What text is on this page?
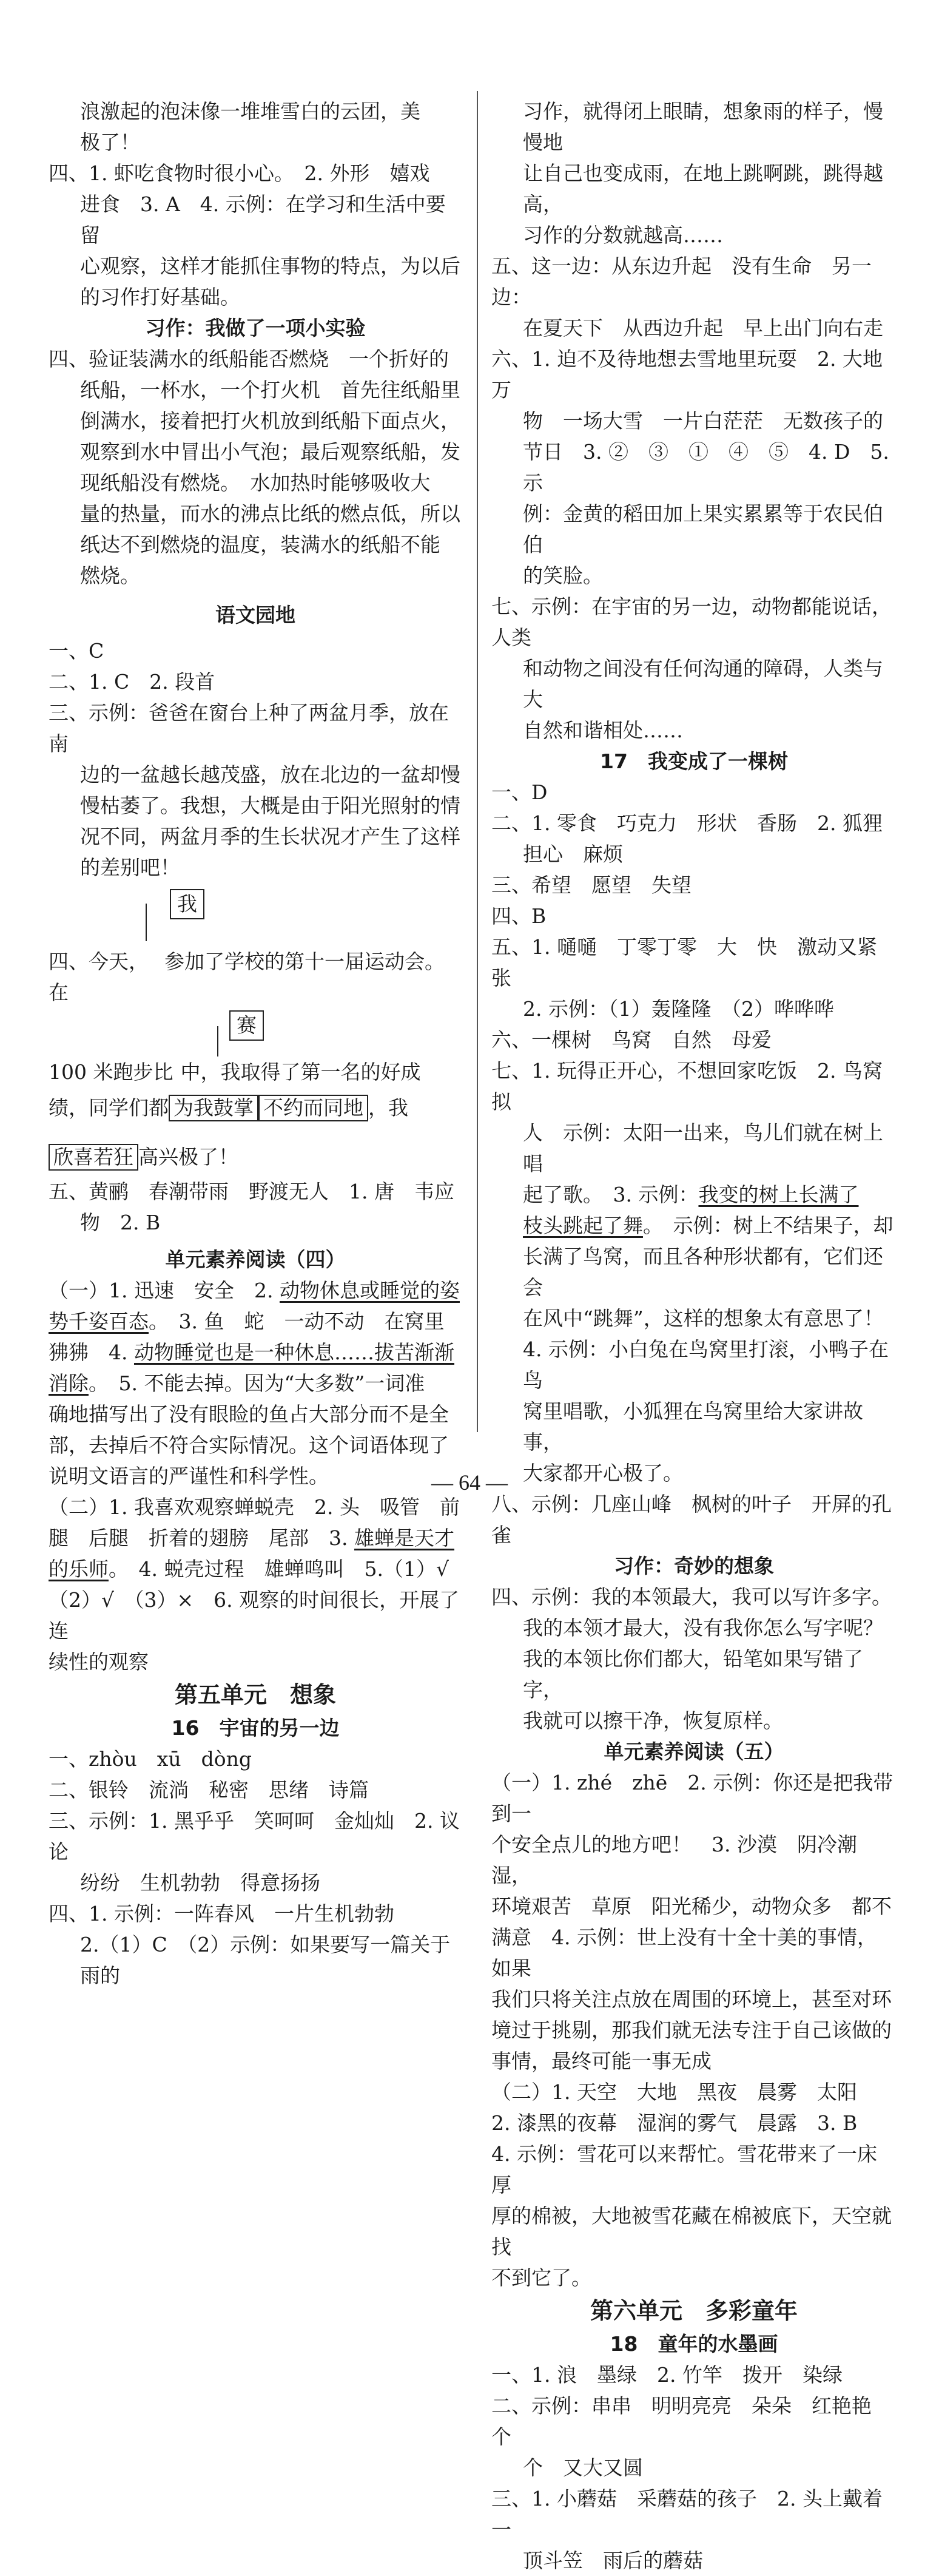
浪激起的泡沫像一堆堆雪白的云团，美
极了！
四、1. 虾吃食物时很小心。　2. 外形　嬉戏
进食　3. A　4. 示例：在学习和生活中要留
心观察，这样才能抓住事物的特点，为以后
的习作打好基础。
习作：我做了一项小实验
四、验证装满水的纸船能否燃烧　一个折好的
纸船，一杯水，一个打火机　首先往纸船里
倒满水，接着把打火机放到纸船下面点火，
观察到水中冒出小气泡；最后观察纸船，发
现纸船没有燃烧。　水加热时能够吸收大
量的热量，而水的沸点比纸的燃点低，所以
纸达不到燃烧的温度，装满水的纸船不能
燃烧。
语文园地
一、C
二、1. C　2. 段首
三、示例：爸爸在窗台上种了两盆月季，放在南
边的一盆越长越茂盛，放在北边的一盆却慢
慢枯萎了。我想，大概是由于阳光照射的情
况不同，两盆月季的生长状况才产生了这样
的差别吧！
我
四、今天， 参加了学校的第十一届运动会。在
赛
100 米跑步比 中，我取得了第一名的好成
绩，同学们都 为我鼓掌 不约而同地 ，我
欣喜若狂 高兴极了！
五、黄鹂　春潮带雨　野渡无人　1. 唐　韦应
物　2. B
单元素养阅读（四）
（一）1. 迅速　安全　2. 动物休息或睡觉的姿
势千姿百态。　3. 鱼　蛇　一动不动　在窝里
狒狒　4. 动物睡觉也是一种休息……拔苦渐渐
消除。　5. 不能去掉。因为“大多数”一词准
确地描写出了没有眼睑的鱼占大部分而不是全
部，去掉后不符合实际情况。这个词语体现了
说明文语言的严谨性和科学性。
（二）1. 我喜欢观察蝉蜕壳　2. 头　吸管　前
腿　后腿　折着的翅膀　尾部　3. 雄蝉是天才
的乐师。　4. 蜕壳过程　雄蝉鸣叫　5.（1）√
（2）√　（3）×　6. 观察的时间很长，开展了连
续性的观察
第五单元　想象
16　宇宙的另一边
一、zhòu　xū　dòng
二、银铃　流淌　秘密　思绪　诗篇
三、示例：1. 黑乎乎　笑呵呵　金灿灿　2. 议论
纷纷　生机勃勃　得意扬扬
四、1. 示例：一阵春风　一片生机勃勃
2.（1）C　（2）示例：如果要写一篇关于雨的
习作，就得闭上眼睛，想象雨的样子，慢慢地
让自己也变成雨，在地上跳啊跳，跳得越高，
习作的分数就越高……
五、这一边：从东边升起　没有生命　另一边：
在夏天下　从西边升起　早上出门向右走
六、1. 迫不及待地想去雪地里玩耍　2. 大地万
物　一场大雪　一片白茫茫　无数孩子的
节日　3. ②　③　①　④　⑤　4. D　5. 示
例：金黄的稻田加上果实累累等于农民伯伯
的笑脸。
七、示例：在宇宙的另一边，动物都能说话，人类
和动物之间没有任何沟通的障碍，人类与大
自然和谐相处……
17　我变成了一棵树
一、D
二、1. 零食　巧克力　形状　香肠　2. 狐狸
担心　麻烦
三、希望　愿望　失望
四、B
五、1. 嗵嗵　丁零丁零　大　快　激动又紧张
2. 示例：（1）轰隆隆　（2）哗哗哗
六、一棵树　鸟窝　自然　母爱
七、1. 玩得正开心，不想回家吃饭　2. 鸟窝　拟
人　示例：太阳一出来，鸟儿们就在树上唱
起了歌。　3. 示例：我变的树上长满了
枝头跳起了舞。　示例：树上不结果子，却
长满了鸟窝，而且各种形状都有，它们还会
在风中“跳舞”，这样的想象太有意思了！
4. 示例：小白兔在鸟窝里打滚，小鸭子在鸟
窝里唱歌，小狐狸在鸟窝里给大家讲故事，
大家都开心极了。
八、示例：几座山峰　枫树的叶子　开屏的孔雀
习作：奇妙的想象
四、示例：我的本领最大，我可以写许多字。
我的本领才最大，没有我你怎么写字呢？
我的本领比你们都大，铅笔如果写错了字，
我就可以擦干净，恢复原样。
单元素养阅读（五）
（一）1. zhé　zhē　2. 示例：你还是把我带到一
个安全点儿的地方吧！　3. 沙漠　阴冷潮湿，
环境艰苦　草原　阳光稀少，动物众多　都不
满意　4. 示例：世上没有十全十美的事情，如果
我们只将关注点放在周围的环境上，甚至对环
境过于挑剔，那我们就无法专注于自己该做的
事情，最终可能一事无成
（二）1. 天空　大地　黑夜　晨雾　太阳
2. 漆黑的夜幕　湿润的雾气　晨露　3. B
4. 示例：雪花可以来帮忙。雪花带来了一床厚
厚的棉被，大地被雪花藏在棉被底下，天空就找
不到它了。
第六单元　多彩童年
18　童年的水墨画
一、1. 浪　墨绿　2. 竹竿　拨开　染绿
二、示例：串串　明明亮亮　朵朵　红艳艳　个
个　又大又圆
三、1. 小蘑菇　采蘑菇的孩子　2. 头上戴着一
顶斗笠　雨后的蘑菇
— 64 —
